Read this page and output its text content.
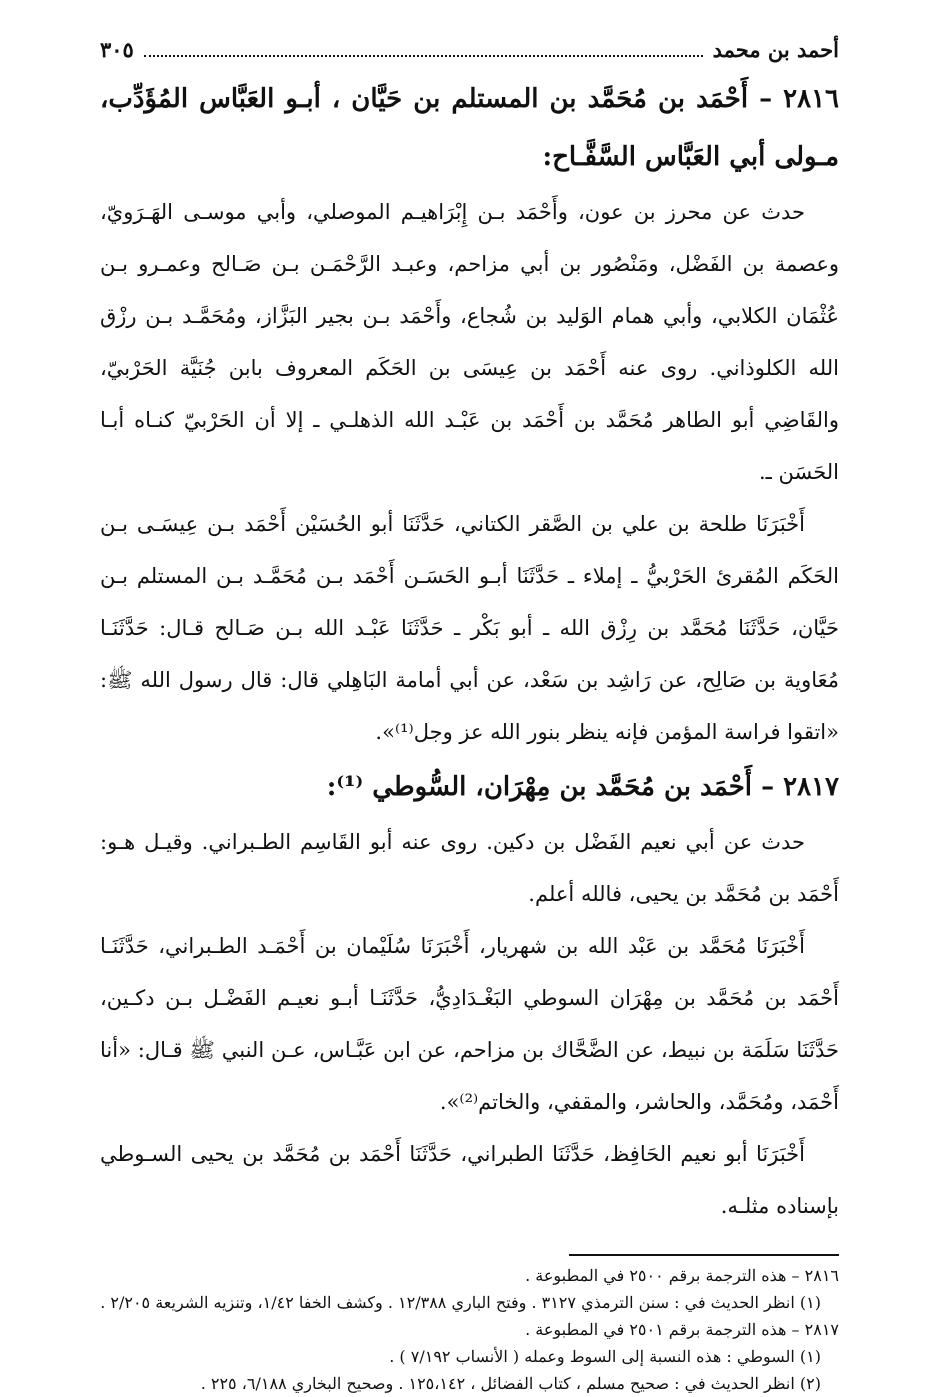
أحمد بن محمد
٣٠٥

٢٨١٦ – أَحْمَد بن مُحَمَّد بن المستلم بن حَيَّان ، أبـو العَبَّاس المُؤَدِّب، مـولى أبي العَبَّاس السَّفَّـاح:

حدث عن محرز بن عون، وأَحْمَد بـن إِبْرَاهيـم الموصلي، وأبي موسـى الهَـرَويّ، وعصمة بن الفَضْل، ومَنْصُور بن أبي مزاحم، وعبـد الرَّحْمَـن بـن صَـالح وعمـرو بـن عُثْمَان الكلابي، وأبي همام الوَليد بن شُجاع، وأَحْمَد بـن بجير البَزَّاز، ومُحَمَّـد بـن رزْق الله الكلوذاني. روى عنه أَحْمَد بن عِيسَى بن الحَكَم المعروف بابن جُنَيَّة الحَرْبيّ، والقَاضِي أبو الطاهر مُحَمَّد بن أَحْمَد بن عَبْـد الله الذهلـي ـ إلا أن الحَرْبيّ كنـاه أبـا الحَسَن ـ.

أَخْبَرَنَا طلحة بن علي بن الصَّقر الكتاني، حَدَّثَنَا أبو الحُسَيْن أَحْمَد بـن عِيسَـى بـن الحَكَم المُقرئ الحَرْبيُّ ـ إملاء ـ حَدَّثَنَا أبـو الحَسَـن أَحْمَد بـن مُحَمَّـد بـن المستلم بـن حَيَّان، حَدَّثَنَا مُحَمَّد بن رِزْق الله ـ أبو بَكْر ـ حَدَّثَنَا عَبْـد الله بـن صَـالح قـال: حَدَّثَنَـا مُعَاوية بن صَالِح، عن رَاشِد بن سَعْد، عن أبي أمامة البَاهِلي قال: قال رسول الله ﷺ: «اتقوا فراسة المؤمن فإنه ينظر بنور الله عز وجل⁽¹⁾».

٢٨١٧ – أَحْمَد بن مُحَمَّد بن مِهْرَان، السُّوطي ⁽¹⁾:

حدث عن أبي نعيم الفَضْل بن دكين. روى عنه أبو القَاسِم الطـبراني. وقيـل هـو: أَحْمَد بن مُحَمَّد بن يحيى، فالله أعلم.

أَخْبَرَنَا مُحَمَّد بن عَبْد الله بن شهريار، أَخْبَرَنَا سُلَيْمان بن أَحْمَـد الطـبراني، حَدَّثَنَـا أَحْمَد بن مُحَمَّد بن مِهْرَان السوطي البَغْـدَادِيُّ، حَدَّثَنَـا أبـو نعيـم الفَضْـل بـن دكـين، حَدَّثَنَا سَلَمَة بن نبيط، عن الضَّحَّاك بن مزاحم، عن ابن عَبَّـاس، عـن النبي ﷺ قـال: «أنا أَحْمَد، ومُحَمَّد، والحاشر، والمقفي، والخاتم⁽²⁾».

أَخْبَرَنَا أبو نعيم الحَافِظ، حَدَّثَنَا الطبراني، حَدَّثَنَا أَحْمَد بن مُحَمَّد بن يحيى السـوطي بإسناده مثلـه.

٢٨١٦ – هذه الترجمة برقم ٢٥٠٠ في المطبوعة .

(١) انظر الحديث في : سنن الترمذي ٣١٢٧ . وفتح الباري ١٢/٣٨٨ . وكشف الخفا ١/٤٢، وتنزيه الشريعة ٢/٢٠٥ .

٢٨١٧ – هذه الترجمة برقم ٢٥٠١ في المطبوعة .

(١) السوطي : هذه النسبة إلى السوط وعمله ( الأنساب ٧/١٩٢ ) .

(٢) انظر الحديث في : صحيح مسلم ، كتاب الفضائل ، ١٢٥،١٤٢ . وصحيح البخاري ٦/١٨٨، ٢٢٥ .
